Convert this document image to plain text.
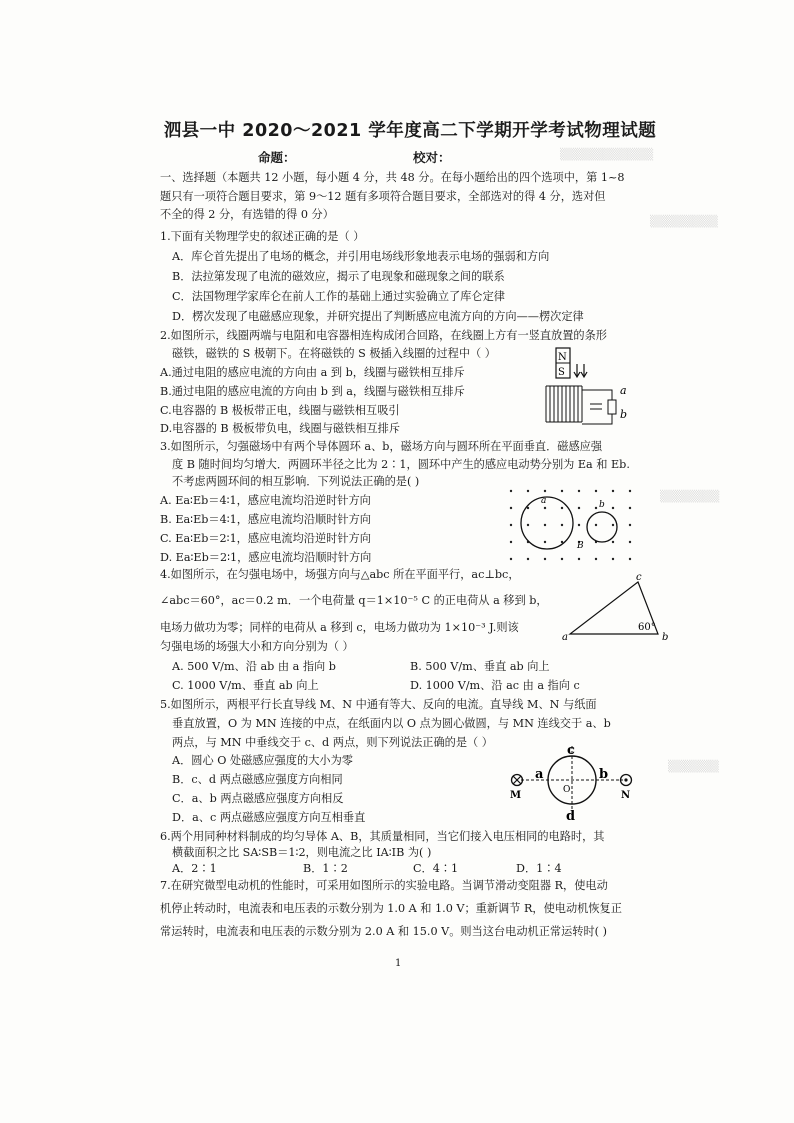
▒▒▒▒▒▒▒▒▒▒▒
▒▒▒▒▒▒▒▒
▒▒▒▒▒▒▒
▒▒▒▒▒▒
泗县一中 2020～2021 学年度高二下学期开学考试物理试题
命题：	校对：
一、选择题（本题共 12 小题，每小题 4 分，共 48 分。在每小题给出的四个选项中，第 1~8
题只有一项符合题目要求，第 9～12 题有多项符合题目要求，全部选对的得 4 分，选对但
不全的得 2 分，有选错的得 0 分）
1.下面有关物理学史的叙述正确的是（ ）
A．库仑首先提出了电场的概念，并引用电场线形象地表示电场的强弱和方向
B．法拉第发现了电流的磁效应，揭示了电现象和磁现象之间的联系
C．法国物理学家库仑在前人工作的基础上通过实验确立了库仑定律
D．楞次发现了电磁感应现象，并研究提出了判断感应电流方向的方向——楞次定律
2.如图所示，线圈两端与电阻和电容器相连构成闭合回路，在线圈上方有一竖直放置的条形
磁铁，磁铁的 S 极朝下。在将磁铁的 S 极插入线圈的过程中（ ）
A.通过电阻的感应电流的方向由 a 到 b，线圈与磁铁相互排斥
B.通过电阻的感应电流的方向由 b 到 a，线圈与磁铁相互排斥
C.电容器的 B 极板带正电，线圈与磁铁相互吸引
D.电容器的 B 极板带负电，线圈与磁铁相互排斥
N
S
a
b
3.如图所示，匀强磁场中有两个导体圆环 a、b，磁场方向与圆环所在平面垂直．磁感应强
度 B 随时间均匀增大．两圆环半径之比为 2∶1，圆环中产生的感应电动势分别为 Ea 和 Eb.
不考虑两圆环间的相互影响．下列说法正确的是( )
A. Ea∶Eb＝4∶1，感应电流均沿逆时针方向
B. Ea∶Eb＝4∶1，感应电流均沿顺时针方向
C. Ea∶Eb＝2∶1，感应电流均沿逆时针方向
D. Ea∶Eb＝2∶1，感应电流均沿顺时针方向
a	b
B
4.如图所示，在匀强电场中，场强方向与△abc 所在平面平行，ac⊥bc，
∠abc＝60°，ac＝0.2 m．一个电荷量 q＝1×10⁻⁵ C 的正电荷从 a 移到 b，
电场力做功为零；同样的电荷从 a 移到 c，电场力做功为 1×10⁻³ J.则该
匀强电场的场强大小和方向分别为（ ）
A. 500 V/m、沿 ab 由 a 指向 b	B. 500 V/m、垂直 ab 向上
C. 1000 V/m、垂直 ab 向上	D. 1000 V/m、沿 ac 由 a 指向 c
a	b
c
60°
5.如图所示，两根平行长直导线 M、N 中通有等大、反向的电流。直导线 M、N 与纸面
垂直放置，O 为 MN 连接的中点，在纸面内以 O 点为圆心做圆，与 MN 连线交于 a、b
两点，与 MN 中垂线交于 c、d 两点，则下列说法正确的是（ ）
A．圆心 O 处磁感应强度的大小为零
B．c、d 两点磁感应强度方向相同
C．a、b 两点磁感应强度方向相反
D．a、c 两点磁感应强度方向互相垂直
M	N
a	b
c
d
O
6.两个用同种材料制成的均匀导体 A、B，其质量相同，当它们接入电压相同的电路时，其
横截面积之比 SA∶SB＝1∶2，则电流之比 IA∶IB 为( )
A．2∶1	B．1∶2	C．4∶1	D．1∶4
7.在研究微型电动机的性能时，可采用如图所示的实验电路。当调节滑动变阻器 R，使电动
机停止转动时，电流表和电压表的示数分别为 1.0 A 和 1.0 V；重新调节 R，使电动机恢复正
常运转时，电流表和电压表的示数分别为 2.0 A 和 15.0 V。则当这台电动机正常运转时( )
1
